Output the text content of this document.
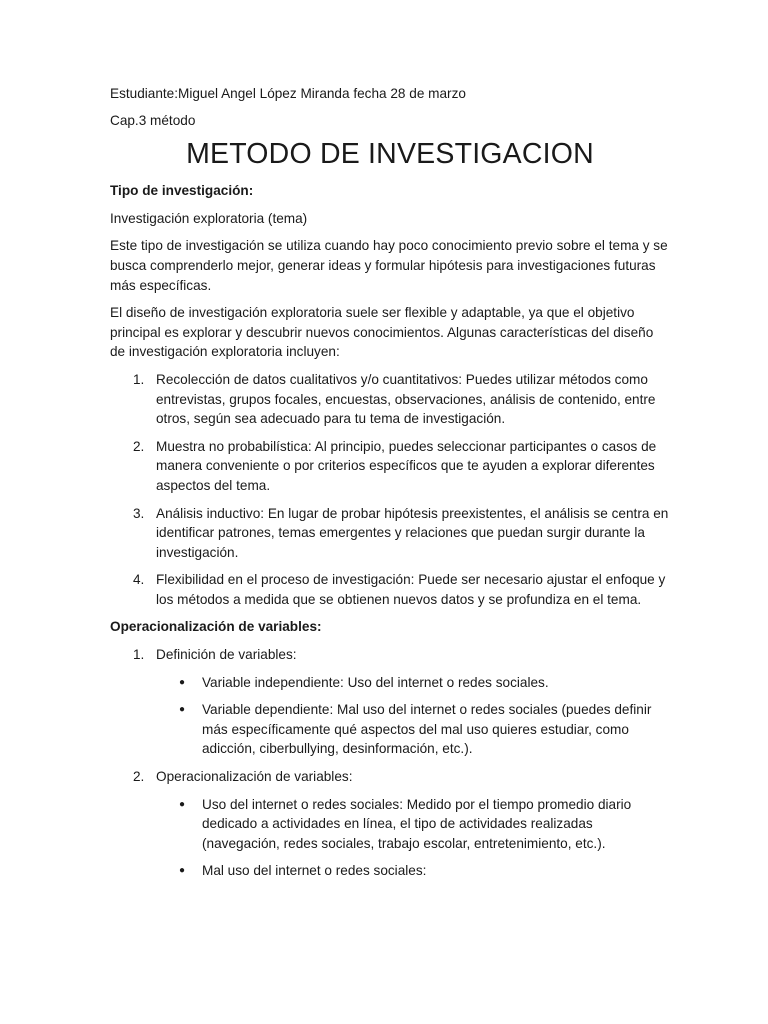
Estudiante:Miguel Angel López Miranda fecha 28 de marzo

Cap.3 método

METODO DE INVESTIGACION

Tipo de investigación:

Investigación exploratoria (tema)

Este tipo de investigación se utiliza cuando hay poco conocimiento previo sobre el tema y se busca comprenderlo mejor, generar ideas y formular hipótesis para investigaciones futuras más específicas.

El diseño de investigación exploratoria suele ser flexible y adaptable, ya que el objetivo principal es explorar y descubrir nuevos conocimientos. Algunas características del diseño de investigación exploratoria incluyen:

1. Recolección de datos cualitativos y/o cuantitativos: Puedes utilizar métodos como entrevistas, grupos focales, encuestas, observaciones, análisis de contenido, entre otros, según sea adecuado para tu tema de investigación.
2. Muestra no probabilística: Al principio, puedes seleccionar participantes o casos de manera conveniente o por criterios específicos que te ayuden a explorar diferentes aspectos del tema.
3. Análisis inductivo: En lugar de probar hipótesis preexistentes, el análisis se centra en identificar patrones, temas emergentes y relaciones que puedan surgir durante la investigación.
4. Flexibilidad en el proceso de investigación: Puede ser necesario ajustar el enfoque y los métodos a medida que se obtienen nuevos datos y se profundiza en el tema.

Operacionalización de variables:

1. Definición de variables:
● Variable independiente: Uso del internet o redes sociales.
● Variable dependiente: Mal uso del internet o redes sociales (puedes definir más específicamente qué aspectos del mal uso quieres estudiar, como adicción, ciberbullying, desinformación, etc.).
2. Operacionalización de variables:
● Uso del internet o redes sociales: Medido por el tiempo promedio diario dedicado a actividades en línea, el tipo de actividades realizadas (navegación, redes sociales, trabajo escolar, entretenimiento, etc.).
● Mal uso del internet o redes sociales:
